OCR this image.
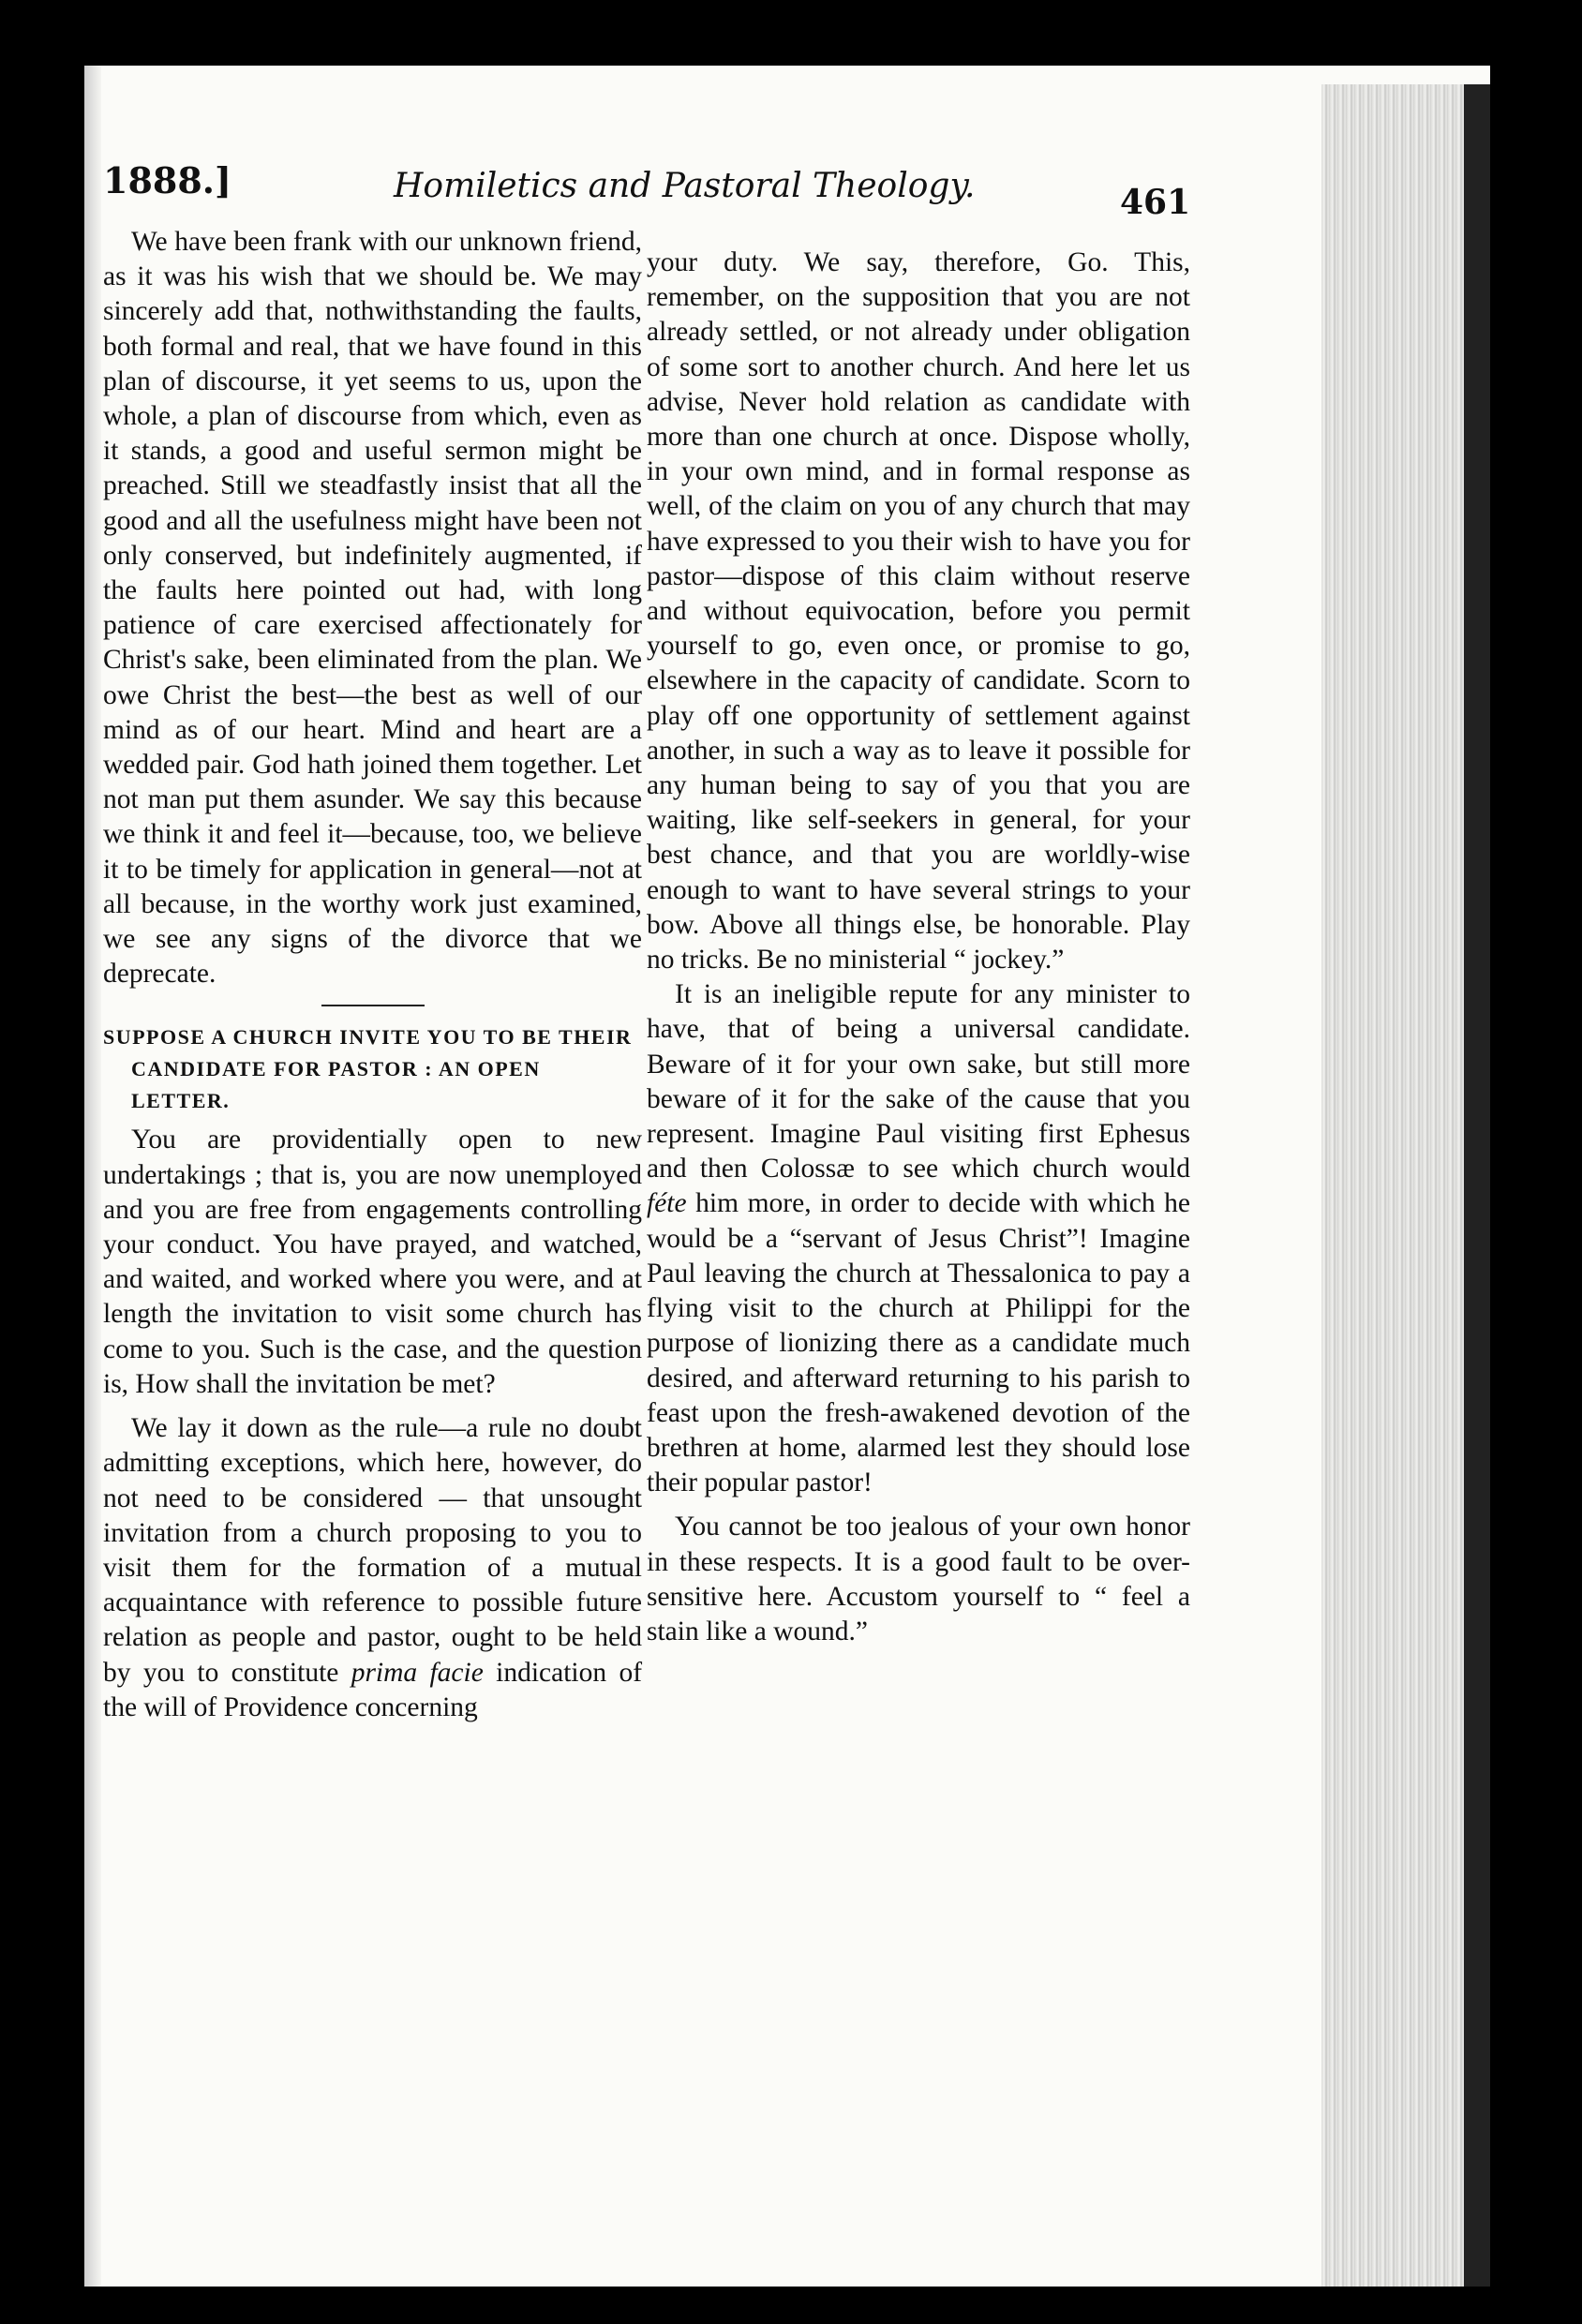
1888.]	Homiletics and Pastoral Theology.	461

We have been frank with our unknown friend, as it was his wish that we should be. We may sincerely add that, nothwithstanding the faults, both formal and real, that we have found in this plan of discourse, it yet seems to us, upon the whole, a plan of discourse from which, even as it stands, a good and useful sermon might be preached. Still we steadfastly insist that all the good and all the usefulness might have been not only conserved, but indefinitely augmented, if the faults here pointed out had, with long patience of care exercised affectionately for Christ's sake, been eliminated from the plan. We owe Christ the best—the best as well of our mind as of our heart. Mind and heart are a wedded pair. God hath joined them together. Let not man put them asunder. We say this because we think it and feel it—because, too, we believe it to be timely for application in general—not at all because, in the worthy work just examined, we see any signs of the divorce that we deprecate.

SUPPOSE A CHURCH INVITE YOU TO BE THEIR CANDIDATE FOR PASTOR : AN OPEN LETTER.

You are providentially open to new undertakings ; that is, you are now unemployed and you are free from engagements controlling your conduct. You have prayed, and watched, and waited, and worked where you were, and at length the invitation to visit some church has come to you. Such is the case, and the question is, How shall the invitation be met?

We lay it down as the rule—a rule no doubt admitting exceptions, which here, however, do not need to be considered — that unsought invitation from a church proposing to you to visit them for the formation of a mutual acquaintance with reference to possible future relation as people and pastor, ought to be held by you to constitute prima facie indication of the will of Providence concerning

your duty. We say, therefore, Go. This, remember, on the supposition that you are not already settled, or not already under obligation of some sort to another church. And here let us advise, Never hold relation as candidate with more than one church at once. Dispose wholly, in your own mind, and in formal response as well, of the claim on you of any church that may have expressed to you their wish to have you for pastor—dispose of this claim without reserve and without equivocation, before you permit yourself to go, even once, or promise to go, elsewhere in the capacity of candidate. Scorn to play off one opportunity of settlement against another, in such a way as to leave it possible for any human being to say of you that you are waiting, like self-seekers in general, for your best chance, and that you are worldly-wise enough to want to have several strings to your bow. Above all things else, be honorable. Play no tricks. Be no ministerial “ jockey.”

It is an ineligible repute for any minister to have, that of being a universal candidate. Beware of it for your own sake, but still more beware of it for the sake of the cause that you represent. Imagine Paul visiting first Ephesus and then Colossæ to see which church would féte him more, in order to decide with which he would be a “servant of Jesus Christ”! Imagine Paul leaving the church at Thessalonica to pay a flying visit to the church at Philippi for the purpose of lionizing there as a candidate much desired, and afterward returning to his parish to feast upon the fresh-awakened devotion of the brethren at home, alarmed lest they should lose their popular pastor!

You cannot be too jealous of your own honor in these respects. It is a good fault to be over-sensitive here. Accustom yourself to “ feel a stain like a wound.”
